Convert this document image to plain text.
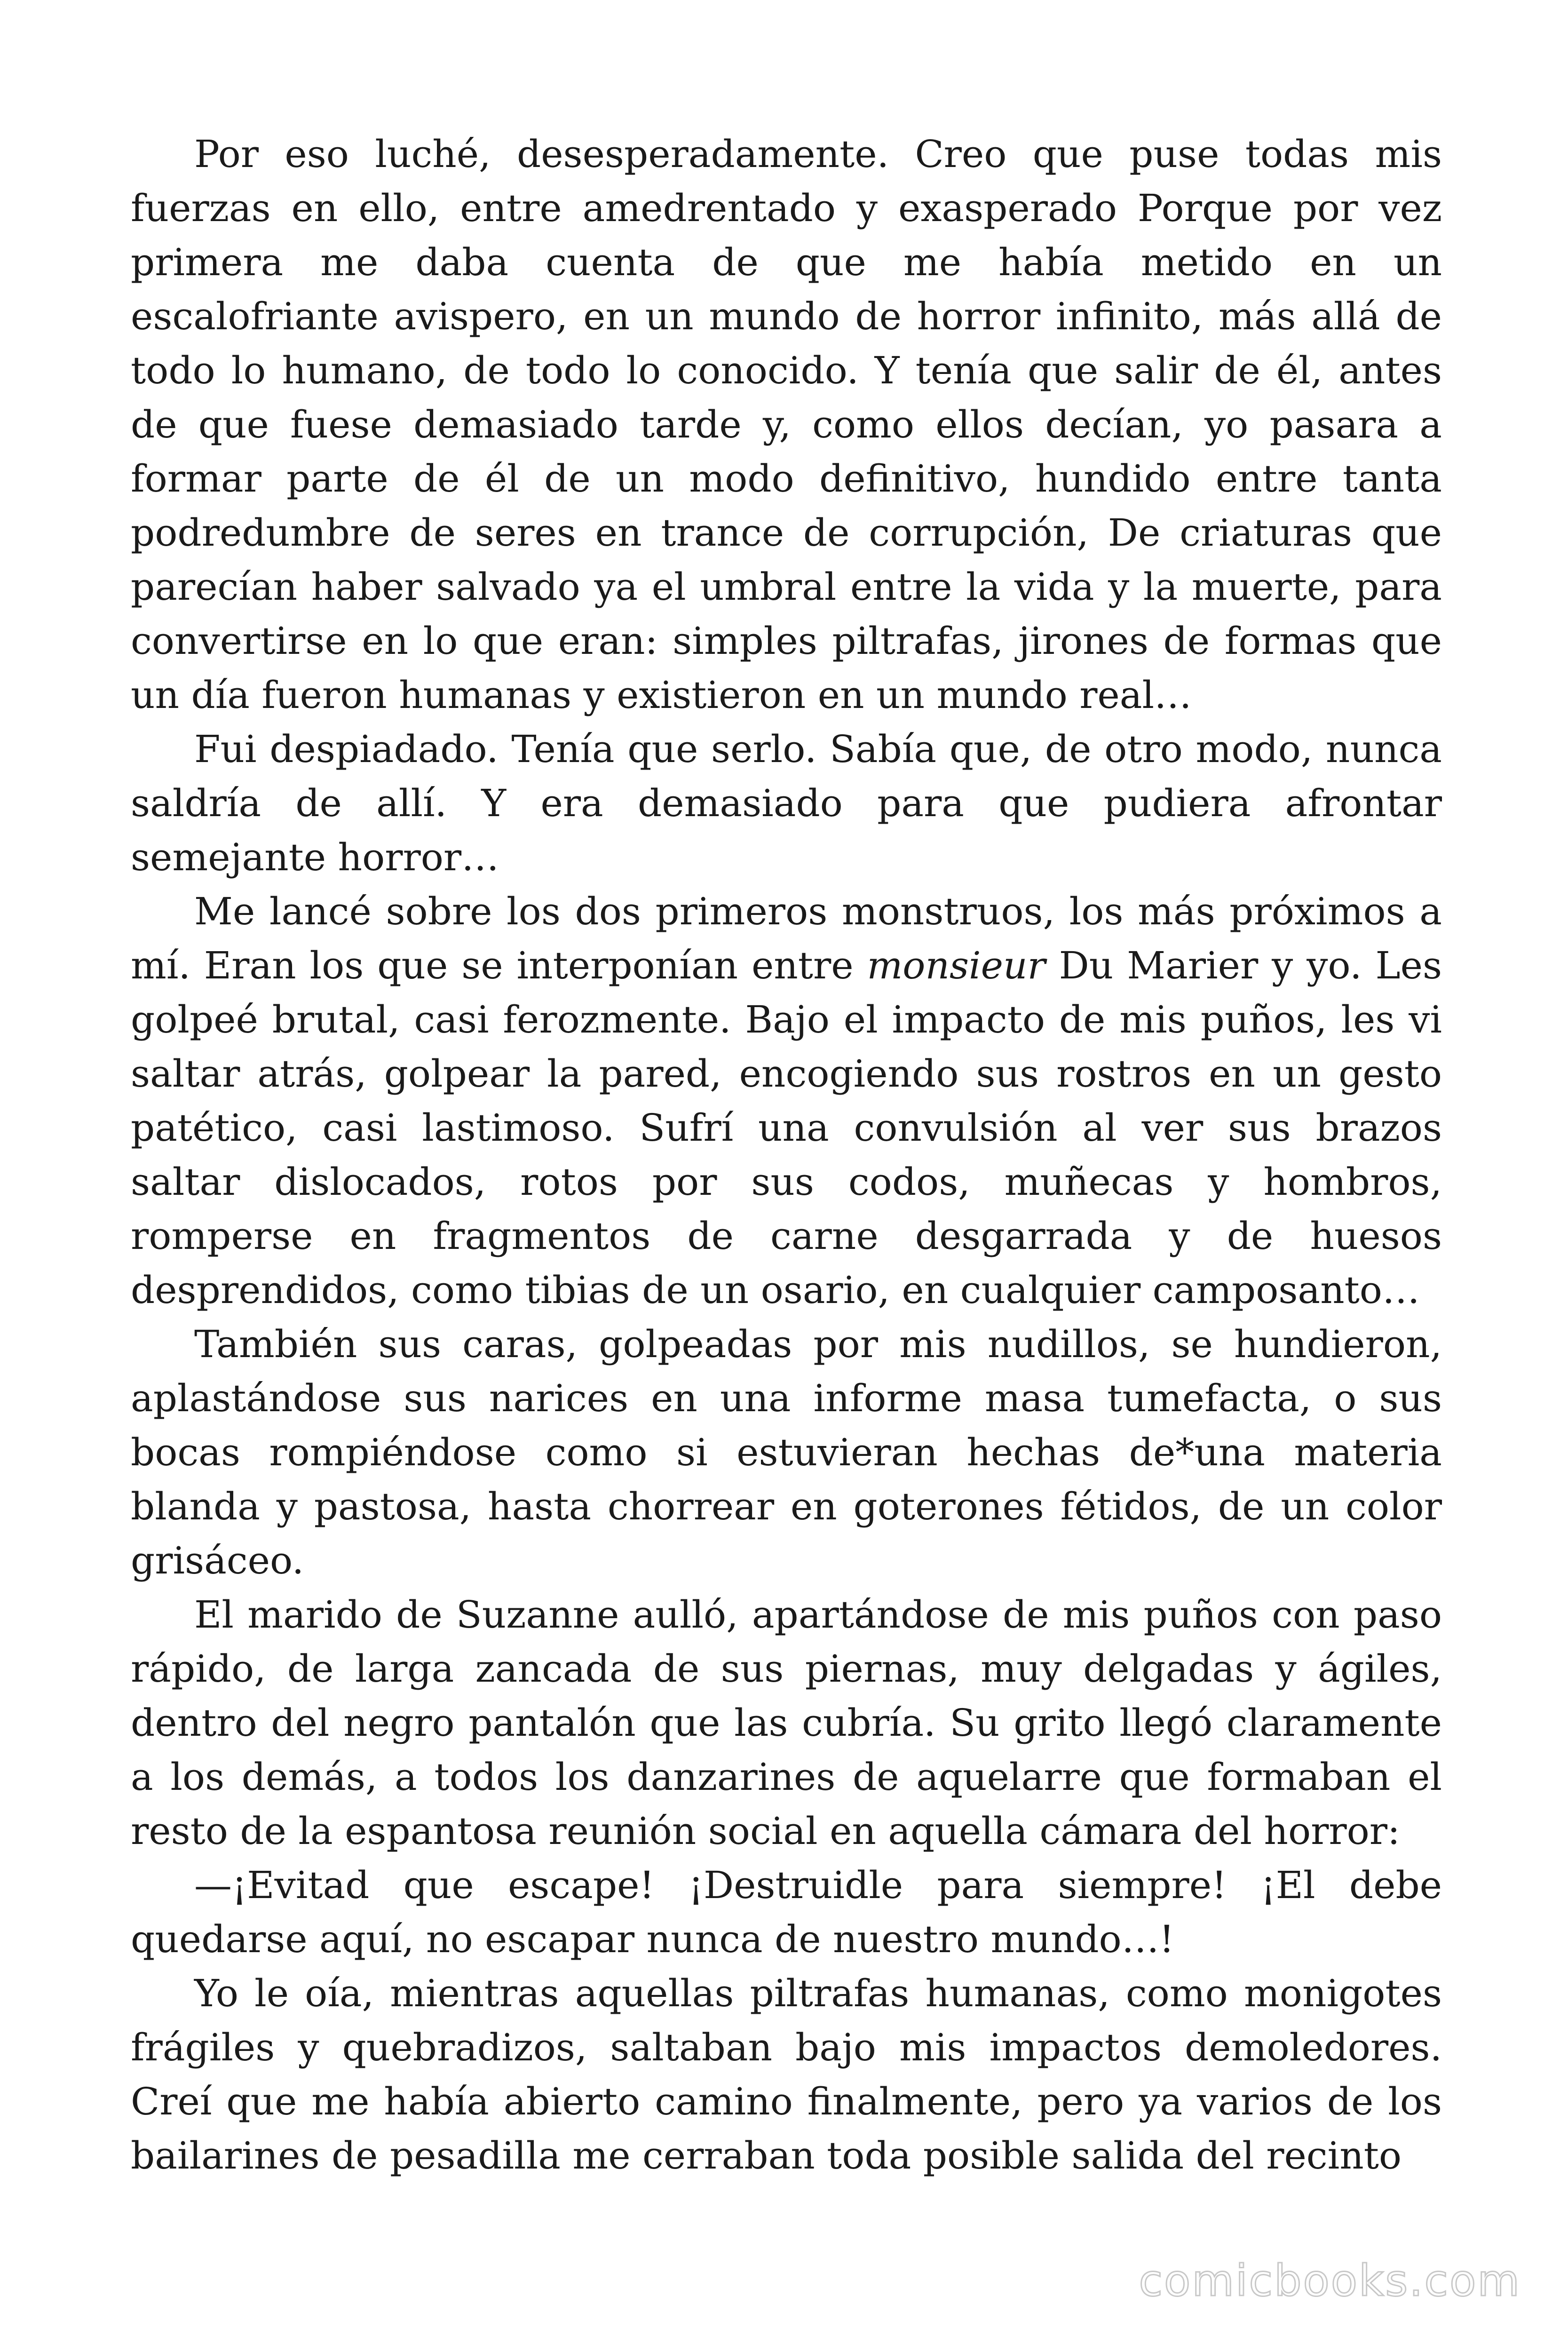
Por eso luché, desesperadamente. Creo que puse todas mis fuerzas en ello, entre amedrentado y exasperado Porque por vez primera me daba cuenta de que me había metido en un escalofriante avispero, en un mundo de horror infinito, más allá de todo lo humano, de todo lo conocido. Y tenía que salir de él, antes de que fuese demasiado tarde y, como ellos decían, yo pasara a formar parte de él de un modo definitivo, hundido entre tanta podredumbre de seres en trance de corrupción, De criaturas que parecían haber salvado ya el umbral entre la vida y la muerte, para convertirse en lo que eran: simples piltrafas, jirones de formas que un día fueron humanas y existieron en un mundo real…

Fui despiadado. Tenía que serlo. Sabía que, de otro modo, nunca saldría de allí. Y era demasiado para que pudiera afrontar semejante horror…

Me lancé sobre los dos primeros monstruos, los más próximos a mí. Eran los que se interponían entre monsieur Du Marier y yo. Les golpeé brutal, casi ferozmente. Bajo el impacto de mis puños, les vi saltar atrás, golpear la pared, encogiendo sus rostros en un gesto patético, casi lastimoso. Sufrí una convulsión al ver sus brazos saltar dislocados, rotos por sus codos, muñecas y hombros, romperse en fragmentos de carne desgarrada y de huesos desprendidos, como tibias de un osario, en cualquier camposanto…

También sus caras, golpeadas por mis nudillos, se hundieron, aplastándose sus narices en una informe masa tumefacta, o sus bocas rompiéndose como si estuvieran hechas de*una materia blanda y pastosa, hasta chorrear en goterones fétidos, de un color grisáceo.

El marido de Suzanne aulló, apartándose de mis puños con paso rápido, de larga zancada de sus piernas, muy delgadas y ágiles, dentro del negro pantalón que las cubría. Su grito llegó claramente a los demás, a todos los danzarines de aquelarre que formaban el resto de la espantosa reunión social en aquella cámara del horror:

—¡Evitad que escape! ¡Destruidle para siempre! ¡El debe quedarse aquí, no escapar nunca de nuestro mundo…!

Yo le oía, mientras aquellas piltrafas humanas, como monigotes frágiles y quebradizos, saltaban bajo mis impactos demoledores. Creí que me había abierto camino finalmente, pero ya varios de los bailarines de pesadilla me cerraban toda posible salida del recinto

comicbooks.com
